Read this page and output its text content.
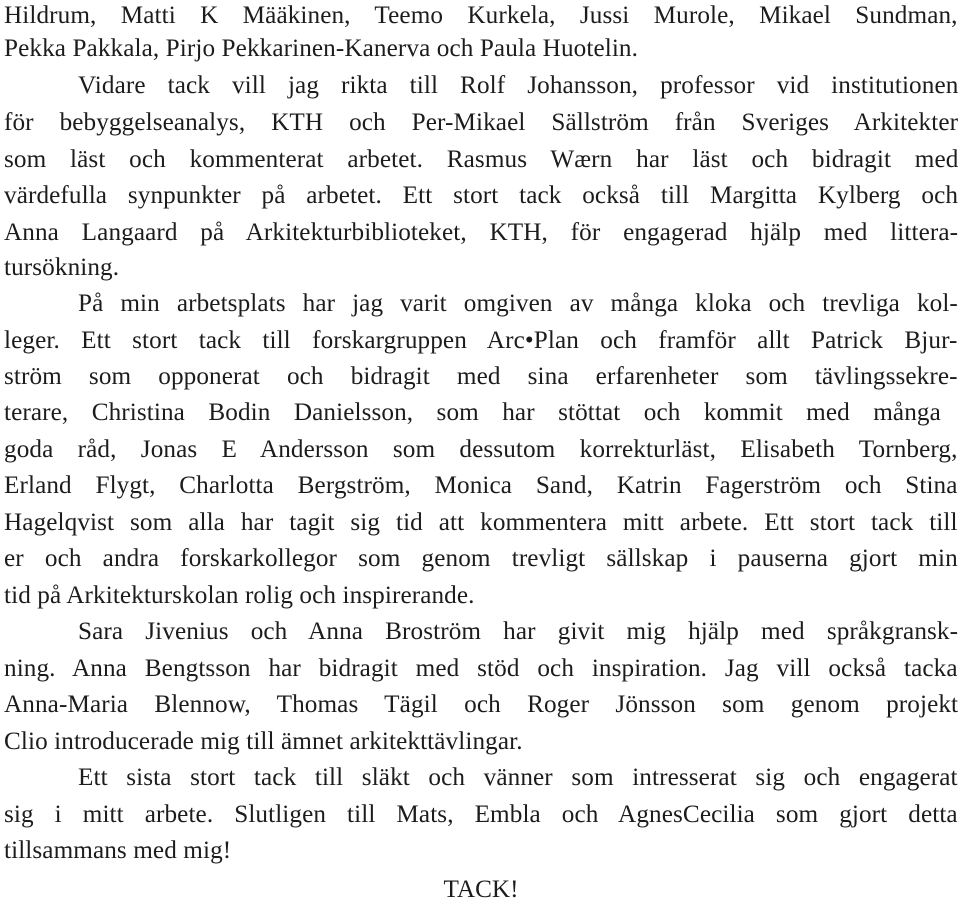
Hildrum, Matti K Määkinen, Teemo Kurkela, Jussi Murole, Mikael Sundman,
Pekka Pakkala, Pirjo Pekkarinen-Kanerva och Paula Huotelin.
Vidare tack vill jag rikta till Rolf Johansson, professor vid institutionen
för bebyggelseanalys, KTH och Per-Mikael Sällström från Sveriges Arkitekter
som läst och kommenterat arbetet. Rasmus Wærn har läst och bidragit med
värdefulla synpunkter på arbetet. Ett stort tack också till Margitta Kylberg och
Anna Langaard på Arkitekturbiblioteket, KTH, för engagerad hjälp med littera-
tursökning.
På min arbetsplats har jag varit omgiven av många kloka och trevliga kol-
leger. Ett stort tack till forskargruppen Arc•Plan och framför allt Patrick Bjur-
ström som opponerat och bidragit med sina erfarenheter som tävlingssekre-
terare, Christina Bodin Danielsson, som har stöttat och kommit med många
goda råd, Jonas E Andersson som dessutom korrekturläst, Elisabeth Tornberg,
Erland Flygt, Charlotta Bergström, Monica Sand, Katrin Fagerström och Stina
Hagelqvist som alla har tagit sig tid att kommentera mitt arbete. Ett stort tack till
er och andra forskarkollegor som genom trevligt sällskap i pauserna gjort min
tid på Arkitekturskolan rolig och inspirerande.
Sara Jivenius och Anna Broström har givit mig hjälp med språkgransk-
ning. Anna Bengtsson har bidragit med stöd och inspiration. Jag vill också tacka
Anna-Maria Blennow, Thomas Tägil och Roger Jönsson som genom projekt
Clio introducerade mig till ämnet arkitekttävlingar.
Ett sista stort tack till släkt och vänner som intresserat sig och engagerat
sig i mitt arbete. Slutligen till Mats, Embla och AgnesCecilia som gjort detta
tillsammans med mig!
TACK!
